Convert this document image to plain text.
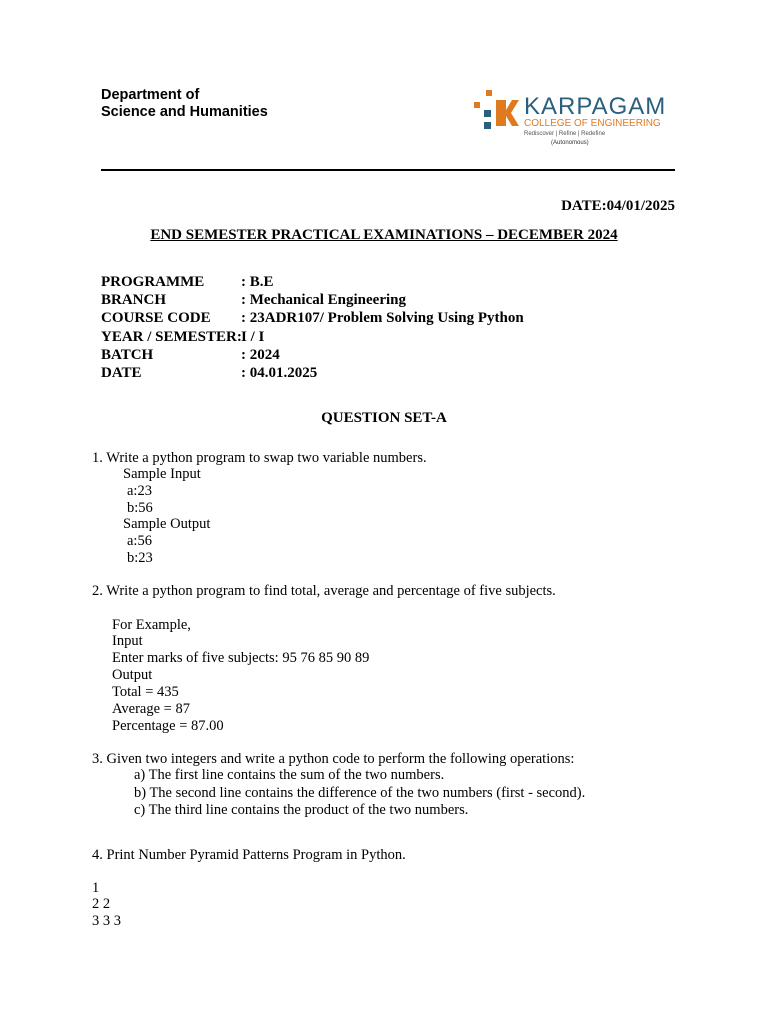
Department of
Science and Humanities	KARPAGAM
COLLEGE OF ENGINEERING
Rediscover | Refine | Redefine
(Autonomous)
DATE:04/01/2025
END SEMESTER PRACTICAL EXAMINATIONS – DECEMBER 2024
PROGRAMME : B.E
BRANCH	: Mechanical Engineering
COURSE CODE : 23ADR107/ Problem Solving Using Python
YEAR / SEMESTER:I / I
BATCH	: 2024
DATE	: 04.01.2025
QUESTION SET-A
1. Write a python program to swap two variable numbers.
Sample Input
a:23
b:56
Sample Output
a:56
b:23
2. Write a python program to find total, average and percentage of five subjects.
For Example,
Input
Enter marks of five subjects: 95 76 85 90 89
Output
Total = 435
Average = 87
Percentage = 87.00
3. Given two integers and write a python code to perform the following operations:
a) The first line contains the sum of the two numbers.
b) The second line contains the difference of the two numbers (first - second).
c) The third line contains the product of the two numbers.
4. Print Number Pyramid Patterns Program in Python.
1
2 2
3 3 3
